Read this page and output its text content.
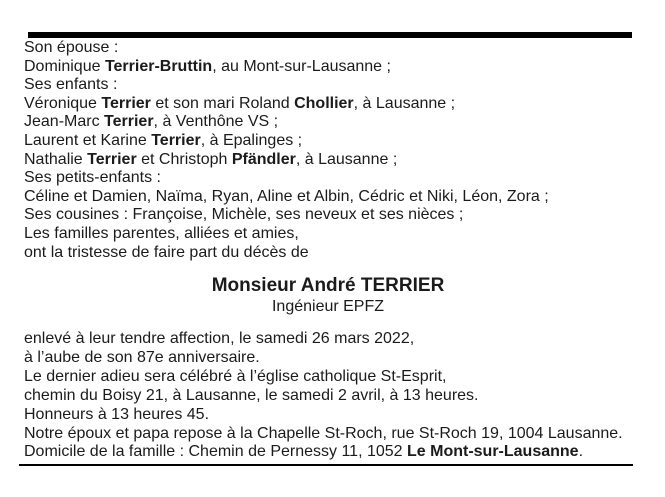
Son épouse :
Dominique Terrier-Bruttin, au Mont-sur-Lausanne ;
Ses enfants :
Véronique Terrier et son mari Roland Chollier, à Lausanne ;
Jean-Marc Terrier, à Venthône VS ;
Laurent et Karine Terrier, à Epalinges ;
Nathalie Terrier et Christoph Pfändler, à Lausanne ;
Ses petits-enfants :
Céline et Damien, Naïma, Ryan, Aline et Albin, Cédric et Niki, Léon, Zora ;
Ses cousines : Françoise, Michèle, ses neveux et ses nièces ;
Les familles parentes, alliées et amies,
ont la tristesse de faire part du décès de
Monsieur André TERRIER
Ingénieur EPFZ
enlevé à leur tendre affection, le samedi 26 mars 2022,
à l’aube de son 87e anniversaire.
Le dernier adieu sera célébré à l’église catholique St-Esprit,
chemin du Boisy 21, à Lausanne, le samedi 2 avril, à 13 heures.
Honneurs à 13 heures 45.
Notre époux et papa repose à la Chapelle St-Roch, rue St-Roch 19, 1004 Lausanne.
Domicile de la famille : Chemin de Pernessy 11, 1052 Le Mont-sur-Lausanne.
